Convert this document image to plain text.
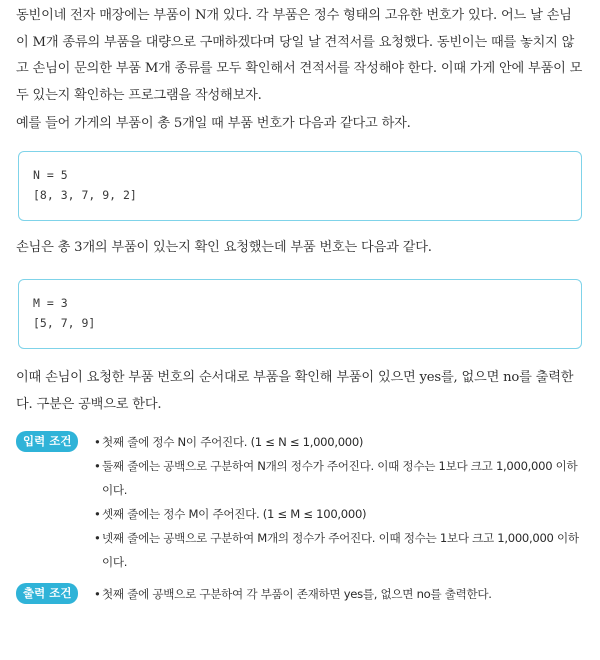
동빈이네 전자 매장에는 부품이 N개 있다. 각 부품은 정수 형태의 고유한 번호가 있다. 어느 날 손님이 M개 종류의 부품을 대량으로 구매하겠다며 당일 날 견적서를 요청했다. 동빈이는 때를 놓치지 않고 손님이 문의한 부품 M개 종류를 모두 확인해서 견적서를 작성해야 한다. 이때 가게 안에 부품이 모두 있는지 확인하는 프로그램을 작성해보자.

예를 들어 가게의 부품이 총 5개일 때 부품 번호가 다음과 같다고 하자.

N = 5
[8, 3, 7, 9, 2]

손님은 총 3개의 부품이 있는지 확인 요청했는데 부품 번호는 다음과 같다.

M = 3
[5, 7, 9]

이때 손님이 요청한 부품 번호의 순서대로 부품을 확인해 부품이 있으면 yes를, 없으면 no를 출력한다. 구분은 공백으로 한다.

입력 조건	• 첫째 줄에 정수 N이 주어진다. (1 ≤ N ≤ 1,000,000)
• 둘째 줄에는 공백으로 구분하여 N개의 정수가 주어진다. 이때 정수는 1보다 크고 1,000,000 이하이다.
• 셋째 줄에는 정수 M이 주어진다. (1 ≤ M ≤ 100,000)
• 넷째 줄에는 공백으로 구분하여 M개의 정수가 주어진다. 이때 정수는 1보다 크고 1,000,000 이하이다.
출력 조건	• 첫째 줄에 공백으로 구분하여 각 부품이 존재하면 yes를, 없으면 no를 출력한다.
